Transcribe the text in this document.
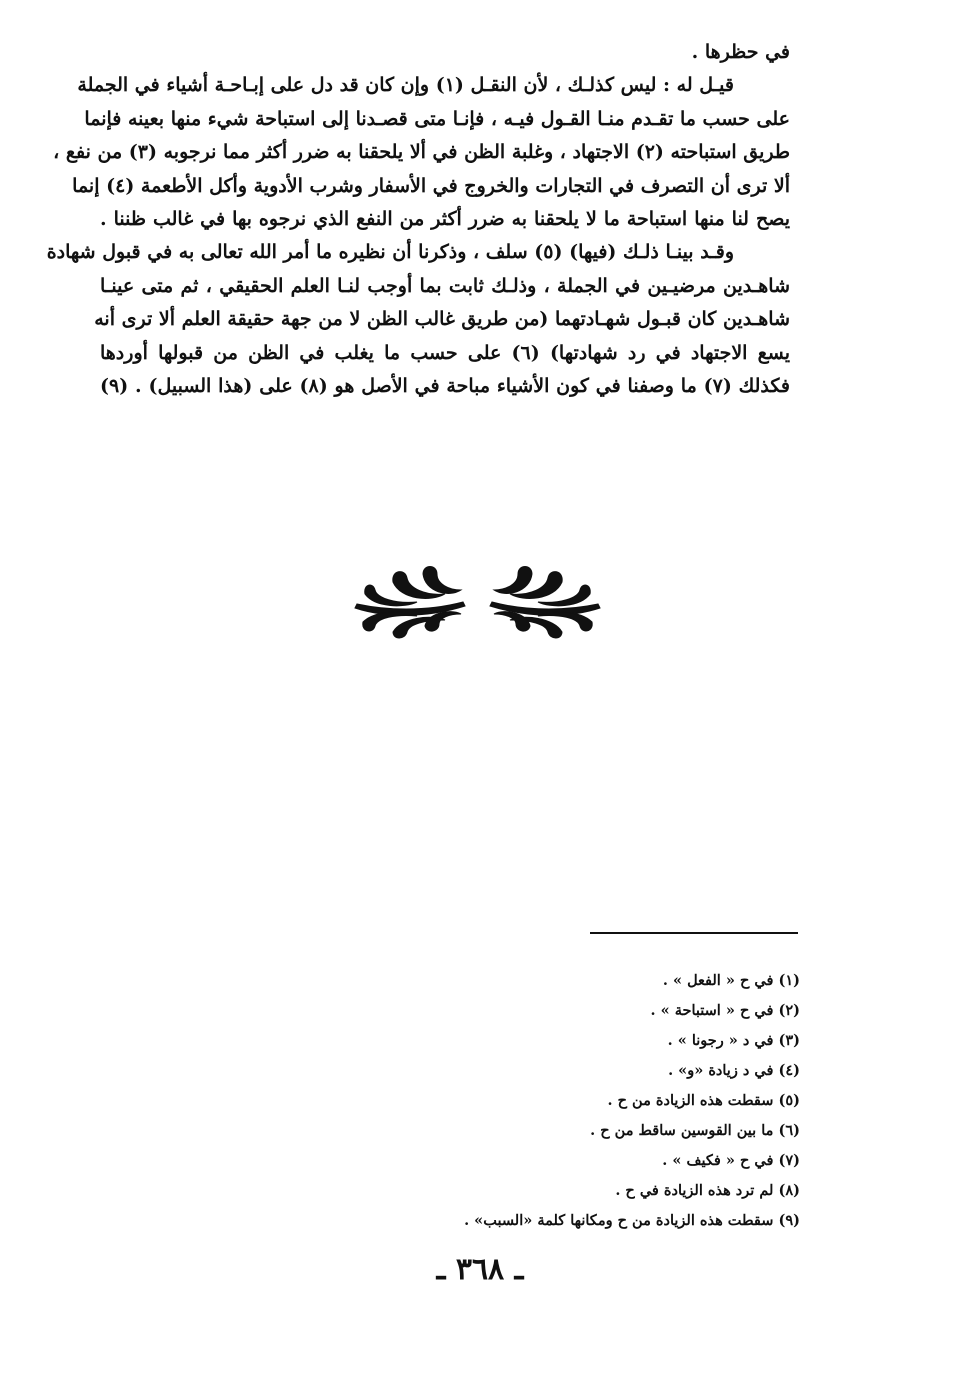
في حظرها .
قيـل له : ليس كذلـك ، لأن النقـل (١) وإن كان قد دل على إبـاحـة أشياء في الجملة
على حسب ما تقـدم منـا القـول فيـه ، فإنـا متى قصـدنا إلى استباحة شيء منها بعينه فإنما
طريق استباحته (٢) الاجتهاد ، وغلبة الظن في ألا يلحقنا به ضرر أكثر مما نرجوبه (٣) من نفع ،
ألا ترى أن التصرف في التجارات والخروج في الأسفار وشرب الأدوية وأكل الأطعمة (٤) إنما
يصح لنا منها استباحة ما لا يلحقنا به ضرر أكثر من النفع الذي نرجوه بها في غالب ظننا .
وقـد بينـا ذلـك (فيها) (٥) سلف ، وذكرنا أن نظيره ما أمر الله تعالى به في قبول شهادة
شاهـدين مرضيـين في الجملة ، وذلـك ثابت بما أوجب لنـا العلم الحقيقي ، ثم متى عينـا
شاهـدين كان قبـول شهـادتهما (من طريق غالب الظن لا من جهة حقيقة العلم ألا ترى أنه
يسع الاجتهاد في رد شهادتها) (٦) على حسب ما يغلب في الظن من قبولها أوردها
فكذلك (٧) ما وصفنا في كون الأشياء مباحة في الأصل هو (٨) على (هذا السبيل) . (٩)
(١) في ح « الفعل » .
(٢) في ح « استباحة » .
(٣) في د « رجونا » .
(٤) في د زيادة «و» .
(٥) سقطت هذه الزيادة من ح .
(٦) ما بين القوسين ساقط من ح .
(٧) في ح « فكيف » .
(٨) لم ترد هذه الزيادة في ح .
(٩) سقطت هذه الزيادة من ح ومكانها كلمة «السبب» .
ـ ٣٦٨ ـ
